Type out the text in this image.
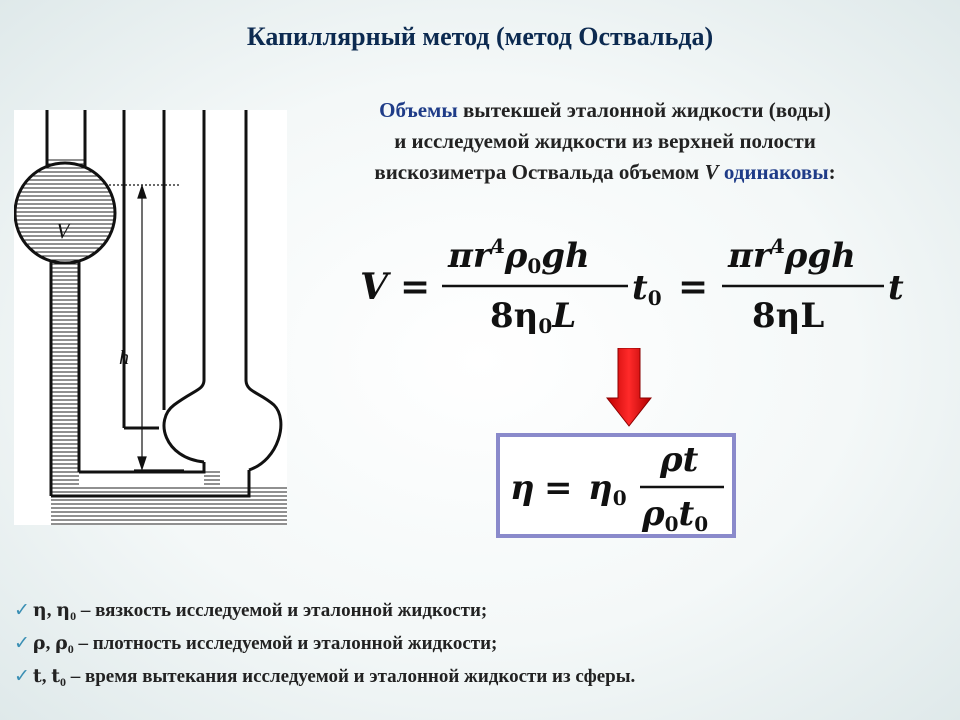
Капиллярный метод (метод Оствальда)
Объемы вытекшей эталонной жидкости (воды)
и исследуемой жидкости из верхней полости
вискозиметра Оствальда объемом V одинаковы:
V
h
V =
$\pi r^4\rho 0gh$
8η0L
t0 =
$\pi r^4\rho gh$
8ηL
t
η = η0
ρt
ρ0t0
✓ η, $\eta_0$ – вязкость исследуемой и эталонной жидкости;
✓ ρ, $\rho_0$ – плотность исследуемой и эталонной жидкости;
✓ t, $t_0$ – время вытекания исследуемой и эталонной жидкости из сферы.
